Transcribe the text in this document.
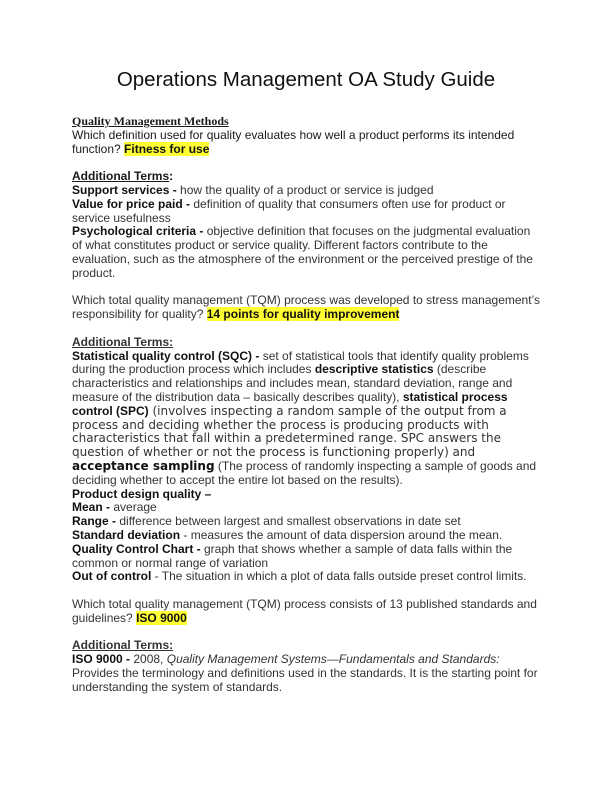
Operations Management OA Study Guide

Quality Management Methods

Which definition used for quality evaluates how well a product performs its intended function? Fitness for use

Additional Terms:

Support services - how the quality of a product or service is judged

Value for price paid - definition of quality that consumers often use for product or service usefulness

Psychological criteria - objective definition that focuses on the judgmental evaluation of what constitutes product or service quality. Different factors contribute to the evaluation, such as the atmosphere of the environment or the perceived prestige of the product.

Which total quality management (TQM) process was developed to stress management’s responsibility for quality? 14 points for quality improvement

Additional Terms:

Statistical quality control (SQC) - set of statistical tools that identify quality problems during the production process which includes descriptive statistics (describe characteristics and relationships and includes mean, standard deviation, range and measure of the distribution data – basically describes quality), statistical process control (SPC) (involves inspecting a random sample of the output from a process and deciding whether the process is producing products with characteristics that fall within a predetermined range. SPC answers the question of whether or not the process is functioning properly) and acceptance sampling (The process of randomly inspecting a sample of goods and deciding whether to accept the entire lot based on the results).

Product design quality –

Mean - average

Range - difference between largest and smallest observations in date set

Standard deviation - measures the amount of data dispersion around the mean.

Quality Control Chart - graph that shows whether a sample of data falls within the common or normal range of variation

Out of control - The situation in which a plot of data falls outside preset control limits.

Which total quality management (TQM) process consists of 13 published standards and guidelines? ISO 9000

Additional Terms:

ISO 9000 - 2008, Quality Management Systems—Fundamentals and Standards: Provides the terminology and definitions used in the standards. It is the starting point for understanding the system of standards.
